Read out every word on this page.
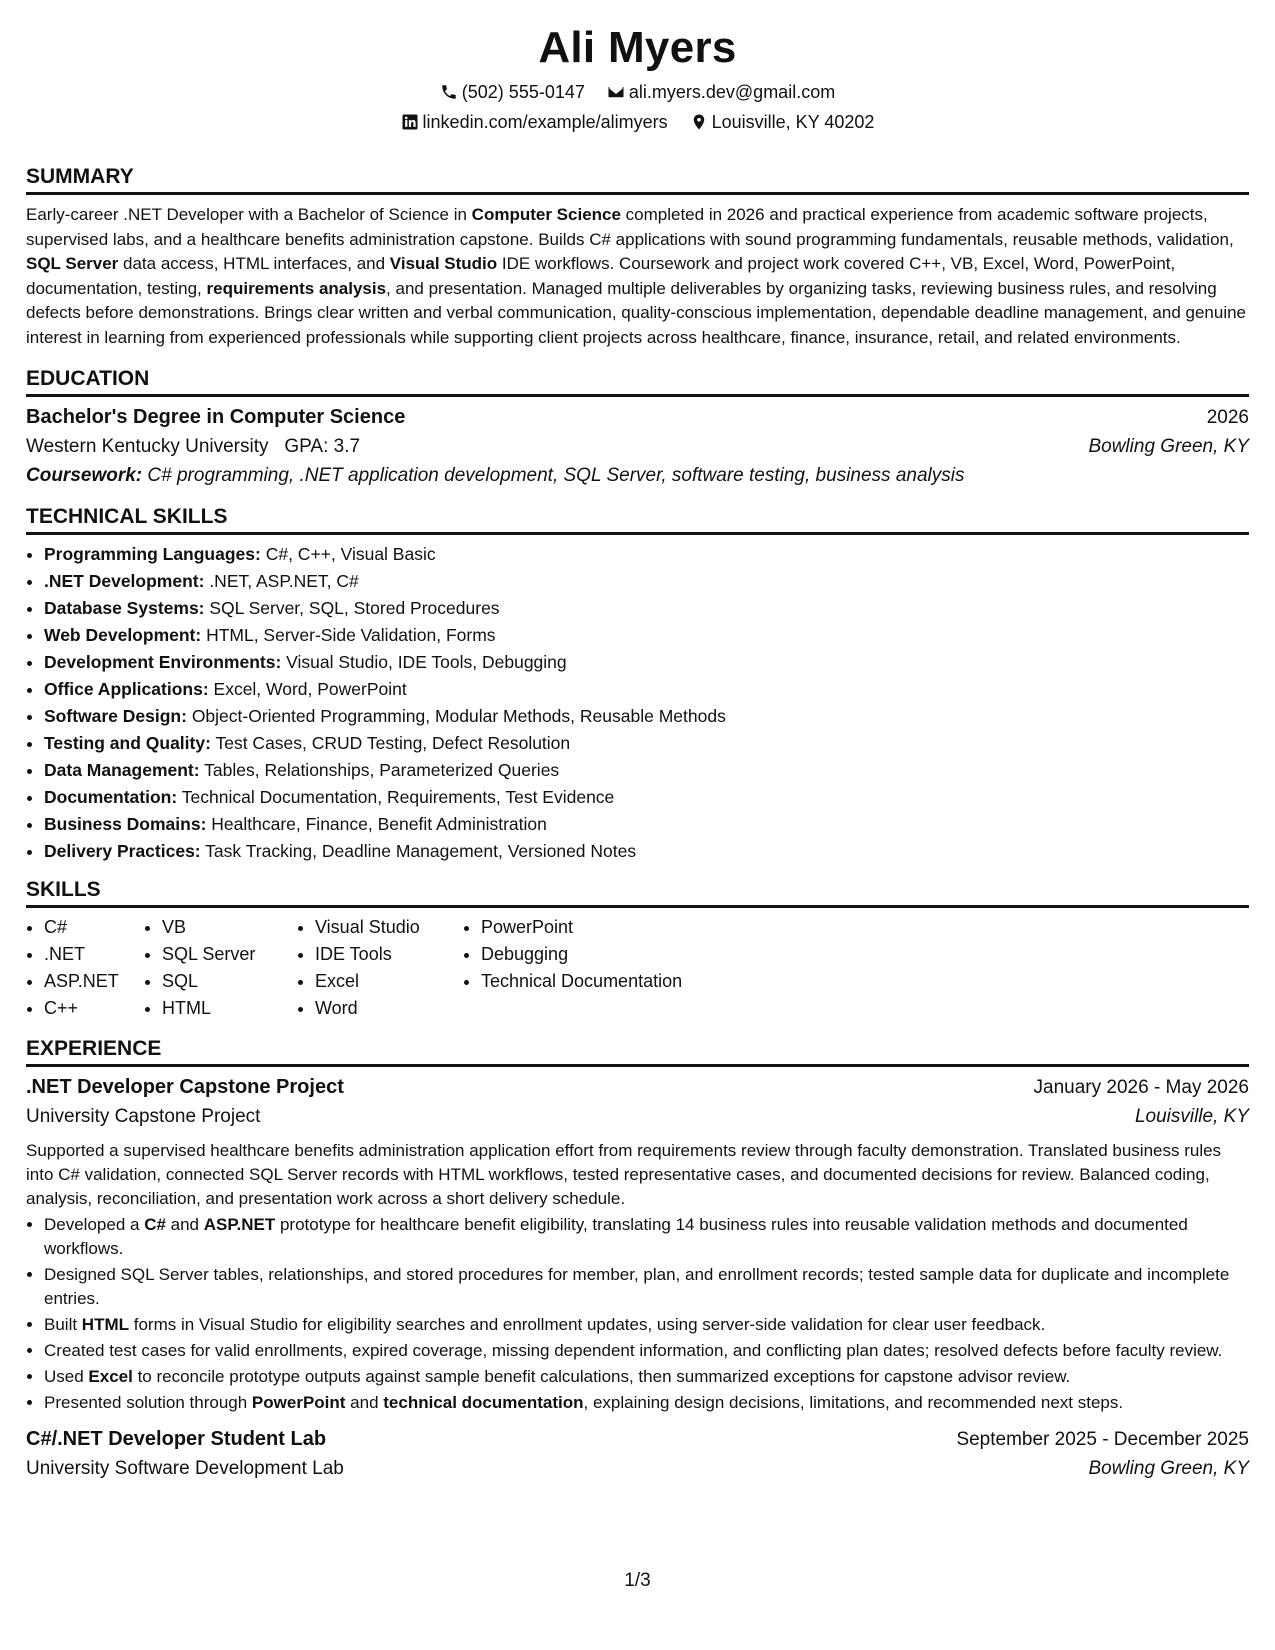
Ali Myers
(502) 555-0147 ali.myers.dev@gmail.com
linkedin.com/example/alimyers Louisville, KY 40202
SUMMARY
Early-career .NET Developer with a Bachelor of Science in Computer Science completed in 2026 and practical experience from academic software projects, supervised labs, and a healthcare benefits administration capstone. Builds C# applications with sound programming fundamentals, reusable methods, validation, SQL Server data access, HTML interfaces, and Visual Studio IDE workflows. Coursework and project work covered C++, VB, Excel, Word, PowerPoint, documentation, testing, requirements analysis, and presentation. Managed multiple deliverables by organizing tasks, reviewing business rules, and resolving defects before demonstrations. Brings clear written and verbal communication, quality-conscious implementation, dependable deadline management, and genuine interest in learning from experienced professionals while supporting client projects across healthcare, finance, insurance, retail, and related environments.
EDUCATION
Bachelor's Degree in Computer Science	2026
Western Kentucky University GPA: 3.7	Bowling Green, KY
Coursework: C# programming, .NET application development, SQL Server, software testing, business analysis
TECHNICAL SKILLS
• Programming Languages: C#, C++, Visual Basic
• .NET Development: .NET, ASP.NET, C#
• Database Systems: SQL Server, SQL, Stored Procedures
• Web Development: HTML, Server-Side Validation, Forms
• Development Environments: Visual Studio, IDE Tools, Debugging
• Office Applications: Excel, Word, PowerPoint
• Software Design: Object-Oriented Programming, Modular Methods, Reusable Methods
• Testing and Quality: Test Cases, CRUD Testing, Defect Resolution
• Data Management: Tables, Relationships, Parameterized Queries
• Documentation: Technical Documentation, Requirements, Test Evidence
• Business Domains: Healthcare, Finance, Benefit Administration
• Delivery Practices: Task Tracking, Deadline Management, Versioned Notes
SKILLS
• C#
• .NET
• ASP.NET
• C++
• VB
• SQL Server
• SQL
• HTML
• Visual Studio
• IDE Tools
• Excel
• Word
• PowerPoint
• Debugging
• Technical Documentation
EXPERIENCE
.NET Developer Capstone Project	January 2026 - May 2026
University Capstone Project	Louisville, KY
Supported a supervised healthcare benefits administration application effort from requirements review through faculty demonstration. Translated business rules into C# validation, connected SQL Server records with HTML workflows, tested representative cases, and documented decisions for review. Balanced coding, analysis, reconciliation, and presentation work across a short delivery schedule.
• Developed a C# and ASP.NET prototype for healthcare benefit eligibility, translating 14 business rules into reusable validation methods and documented workflows.
• Designed SQL Server tables, relationships, and stored procedures for member, plan, and enrollment records; tested sample data for duplicate and incomplete entries.
• Built HTML forms in Visual Studio for eligibility searches and enrollment updates, using server-side validation for clear user feedback.
• Created test cases for valid enrollments, expired coverage, missing dependent information, and conflicting plan dates; resolved defects before faculty review.
• Used Excel to reconcile prototype outputs against sample benefit calculations, then summarized exceptions for capstone advisor review.
• Presented solution through PowerPoint and technical documentation, explaining design decisions, limitations, and recommended next steps.
C#/.NET Developer Student Lab	September 2025 - December 2025
University Software Development Lab	Bowling Green, KY
1/3
